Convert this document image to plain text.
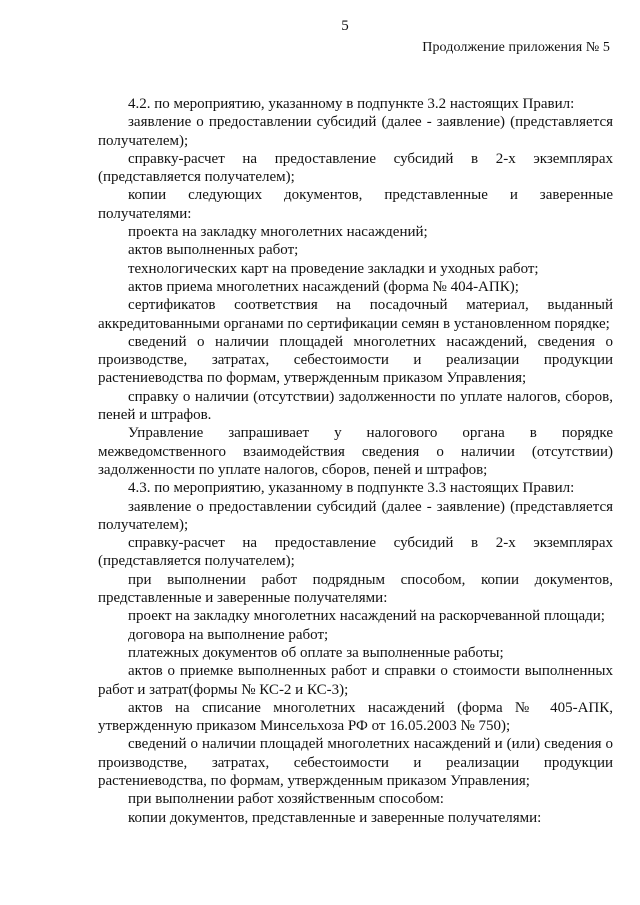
5
Продолжение приложения № 5

4.2. по мероприятию, указанному в подпункте 3.2 настоящих Правил:

заявление о предоставлении субсидий (далее - заявление) (представляется получателем);

справку-расчет на предоставление субсидий в 2-х экземплярах (представляется получателем);

копии следующих документов, представленные и заверенные получателями:

проекта на закладку многолетних насаждений;

актов выполненных работ;

технологических карт на проведение закладки и уходных работ;

актов приема многолетних насаждений (форма № 404-АПК);

сертификатов соответствия на посадочный материал, выданный аккредитованными органами по сертификации семян в установленном порядке;

сведений о наличии площадей многолетних насаждений, сведения о производстве, затратах, себестоимости и реализации продукции растениеводства по формам, утвержденным приказом Управления;

справку о наличии (отсутствии) задолженности по уплате налогов, сборов, пеней и штрафов.

Управление запрашивает у налогового органа в порядке межведомственного взаимодействия сведения о наличии (отсутствии) задолженности по уплате налогов, сборов, пеней и штрафов;

4.3. по мероприятию, указанному в подпункте 3.3 настоящих Правил:

заявление о предоставлении субсидий (далее - заявление) (представляется получателем);

справку-расчет на предоставление субсидий в 2-х экземплярах (представляется получателем);

при выполнении работ подрядным способом, копии документов, представленные и заверенные получателями:

проект на закладку многолетних насаждений на раскорчеванной площади;

договора на выполнение работ;

платежных документов об оплате за выполненные работы;

актов о приемке выполненных работ и справки о стоимости выполненных работ и затрат(формы № КС-2 и КС-3);

актов на списание многолетних насаждений (форма № 405-АПК, утвержденную приказом Минсельхоза РФ от 16.05.2003 № 750);

сведений о наличии площадей многолетних насаждений и (или) сведения о производстве, затратах, себестоимости и реализации продукции растениеводства, по формам, утвержденным приказом Управления;

при выполнении работ хозяйственным способом:

копии документов, представленные и заверенные получателями:
